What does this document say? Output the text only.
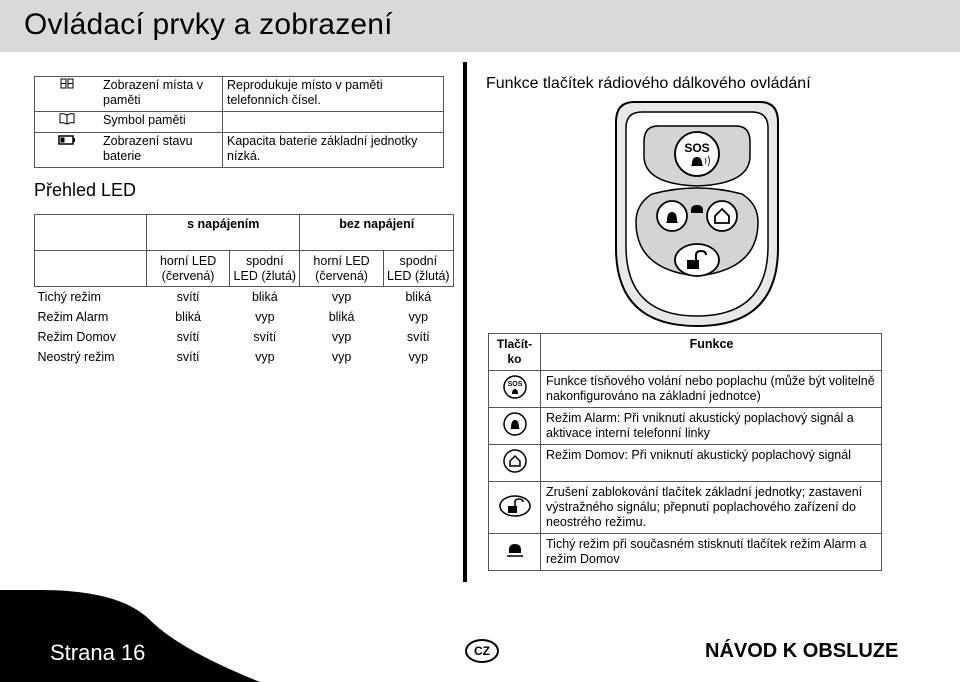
Ovládací prvky a zobrazení
	Zobrazení místa v paměti	Reprodukuje místo v paměti telefonních čísel.
	Symbol paměti	
	Zobrazení stavu baterie	Kapacita baterie základní jednotky nízká.
Přehled LED
	s napájením		bez napájení	
	horní LED (červená)	spodní LED (žlutá)	horní LED (červená)	spodní LED (žlutá)
Tichý režim	svítí	bliká	vyp	bliká
Režim Alarm	bliká	vyp	bliká	vyp
Režim Domov	svítí	svítí	vyp	svítí
Neostrý režim	svítí	vyp	vyp	vyp
Funkce tlačítek rádiového dálkového ovládání
SOS
Tlačít-ko	Funkce

SOS	Funkce tísňového volání nebo poplachu (může být volitelně nakonfigurováno na základní jednotce)
	Režim Alarm: Při vniknutí akustický poplachový signál a aktivace interní telefonní linky
	Režim Domov: Při vniknutí akustický poplachový signál
	Zrušení zablokování tlačítek základní jednotky; zastavení výstražného signálu; přepnutí poplachového zařízení do neostrého režimu.
	Tichý režim při současném stisknutí tlačítek režim Alarm a režim Domov
Strana 16	CZ	NÁVOD K OBSLUZE
